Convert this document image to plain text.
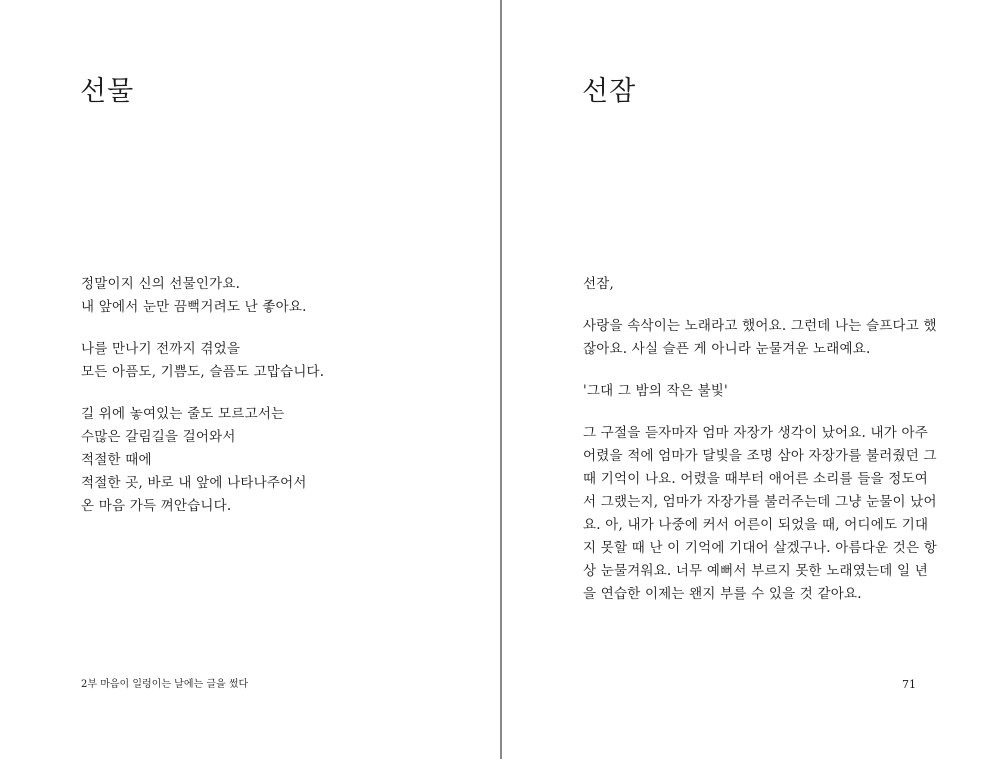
선물
정말이지 신의 선물인가요.
내 앞에서 눈만 끔뻑거려도 난 좋아요.
나를 만나기 전까지 겪었을
모든 아픔도, 기쁨도, 슬픔도 고맙습니다.
길 위에 놓여있는 줄도 모르고서는
수많은 갈림길을 걸어와서
적절한 때에
적절한 곳, 바로 내 앞에 나타나주어서
온 마음 가득 껴안습니다.
2부 마음이 일렁이는 날에는 글을 썼다
선잠
선잠,
사랑을 속삭이는 노래라고 했어요. 그런데 나는 슬프다고 했
잖아요. 사실 슬픈 게 아니라 눈물겨운 노래예요.
'그대 그 밤의 작은 불빛'
그 구절을 듣자마자 엄마 자장가 생각이 났어요. 내가 아주
어렸을 적에 엄마가 달빛을 조명 삼아 자장가를 불러줬던 그
때 기억이 나요. 어렸을 때부터 애어른 소리를 들을 정도여
서 그랬는지, 엄마가 자장가를 불러주는데 그냥 눈물이 났어
요. 아, 내가 나중에 커서 어른이 되었을 때, 어디에도 기대
지 못할 때 난 이 기억에 기대어 살겠구나. 아름다운 것은 항
상 눈물겨워요. 너무 예뻐서 부르지 못한 노래였는데 일 년
을 연습한 이제는 왠지 부를 수 있을 것 같아요.
71
